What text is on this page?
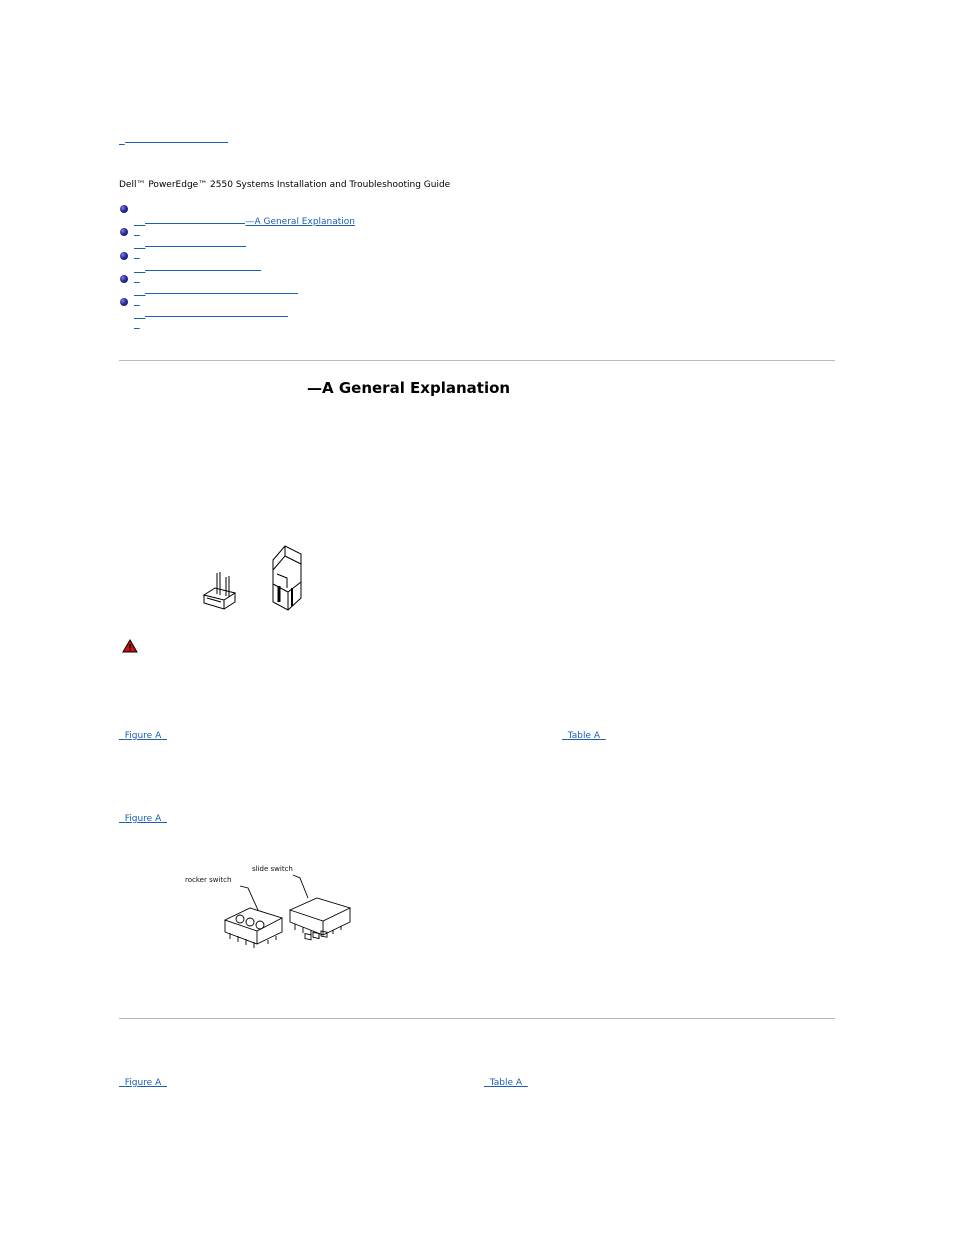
Dell™ PowerEdge™ 2550 Systems Installation and Troubleshooting Guide

—A General Explanation

—A General Explanation

Figure A	Table A

Figure A

rocker switch
slide switch

Figure A	Table A
